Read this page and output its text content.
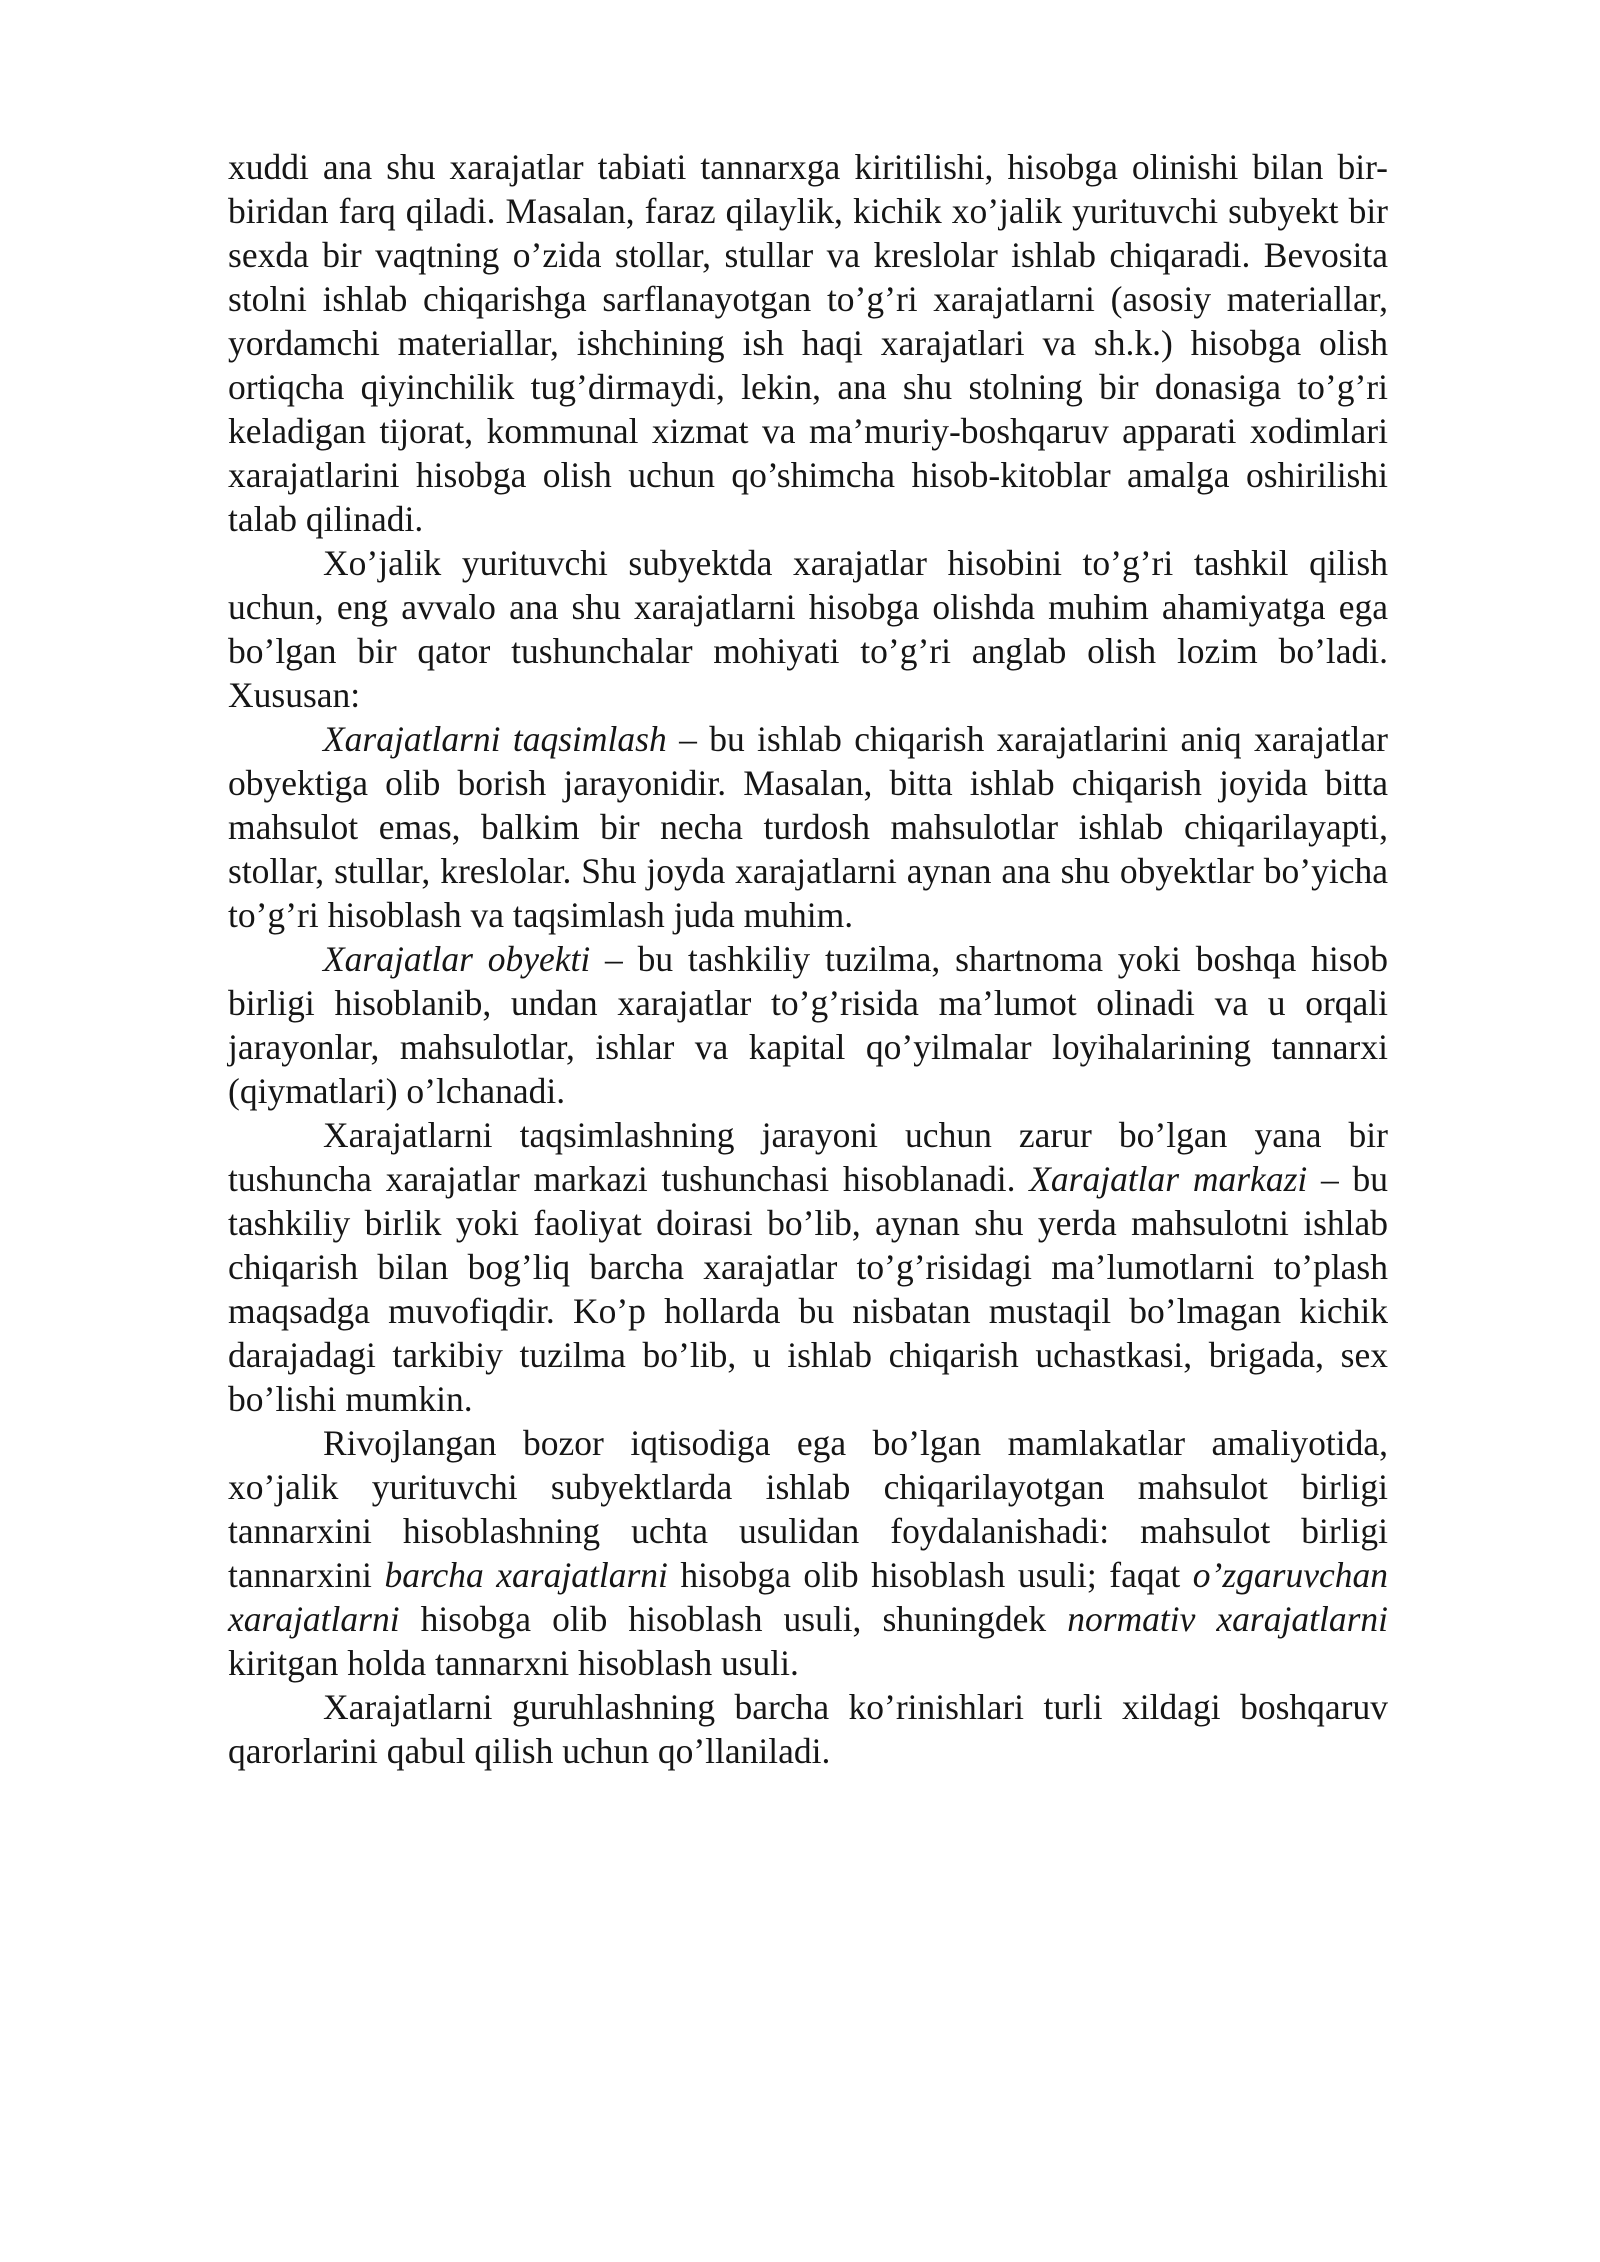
xuddi ana shu xarajatlar tabiati tannarxga kiritilishi, hisobga olinishi bilan bir-biridan farq qiladi. Masalan, faraz qilaylik, kichik xo’jalik yurituvchi subyekt bir sexda bir vaqtning o’zida stollar, stullar va kreslolar ishlab chiqaradi. Bevosita stolni ishlab chiqarishga sarflanayotgan to’g’ri xarajatlarni (asosiy materiallar, yordamchi materiallar, ishchining ish haqi xarajatlari va sh.k.) hisobga olish ortiqcha qiyinchilik tug’dirmaydi, lekin, ana shu stolning bir donasiga to’g’ri keladigan tijorat, kommunal xizmat va ma’muriy-boshqaruv apparati xodimlari xarajatlarini hisobga olish uchun qo’shimcha hisob-kitoblar amalga oshirilishi talab qilinadi.

Xo’jalik yurituvchi subyektda xarajatlar hisobini to’g’ri tashkil qilish uchun, eng avvalo ana shu xarajatlarni hisobga olishda muhim ahamiyatga ega bo’lgan bir qator tushunchalar mohiyati to’g’ri anglab olish lozim bo’ladi. Xususan:

Xarajatlarni taqsimlash – bu ishlab chiqarish xarajatlarini aniq xarajatlar obyektiga olib borish jarayonidir. Masalan, bitta ishlab chiqarish joyida bitta mahsulot emas, balkim bir necha turdosh mahsulotlar ishlab chiqarilayapti, stollar, stullar, kreslolar. Shu joyda xarajatlarni aynan ana shu obyektlar bo’yicha to’g’ri hisoblash va taqsimlash juda muhim.

Xarajatlar obyekti – bu tashkiliy tuzilma, shartnoma yoki boshqa hisob birligi hisoblanib, undan xarajatlar to’g’risida ma’lumot olinadi va u orqali jarayonlar, mahsulotlar, ishlar va kapital qo’yilmalar loyihalarining tannarxi (qiymatlari) o’lchanadi.

Xarajatlarni taqsimlashning jarayoni uchun zarur bo’lgan yana bir tushuncha xarajatlar markazi tushunchasi hisoblanadi. Xarajatlar markazi – bu tashkiliy birlik yoki faoliyat doirasi bo’lib, aynan shu yerda mahsulotni ishlab chiqarish bilan bog’liq barcha xarajatlar to’g’risidagi ma’lumotlarni to’plash maqsadga muvofiqdir. Ko’p hollarda bu nisbatan mustaqil bo’lmagan kichik darajadagi tarkibiy tuzilma bo’lib, u ishlab chiqarish uchastkasi, brigada, sex bo’lishi mumkin.

Rivojlangan bozor iqtisodiga ega bo’lgan mamlakatlar amaliyotida, xo’jalik yurituvchi subyektlarda ishlab chiqarilayotgan mahsulot birligi tannarxini hisoblashning uchta usulidan foydalanishadi: mahsulot birligi tannarxini barcha xarajatlarni hisobga olib hisoblash usuli; faqat o’zgaruvchan xarajatlarni hisobga olib hisoblash usuli, shuningdek normativ xarajatlarni kiritgan holda tannarxni hisoblash usuli.

Xarajatlarni guruhlashning barcha ko’rinishlari turli xildagi boshqaruv qarorlarini qabul qilish uchun qo’llaniladi.
